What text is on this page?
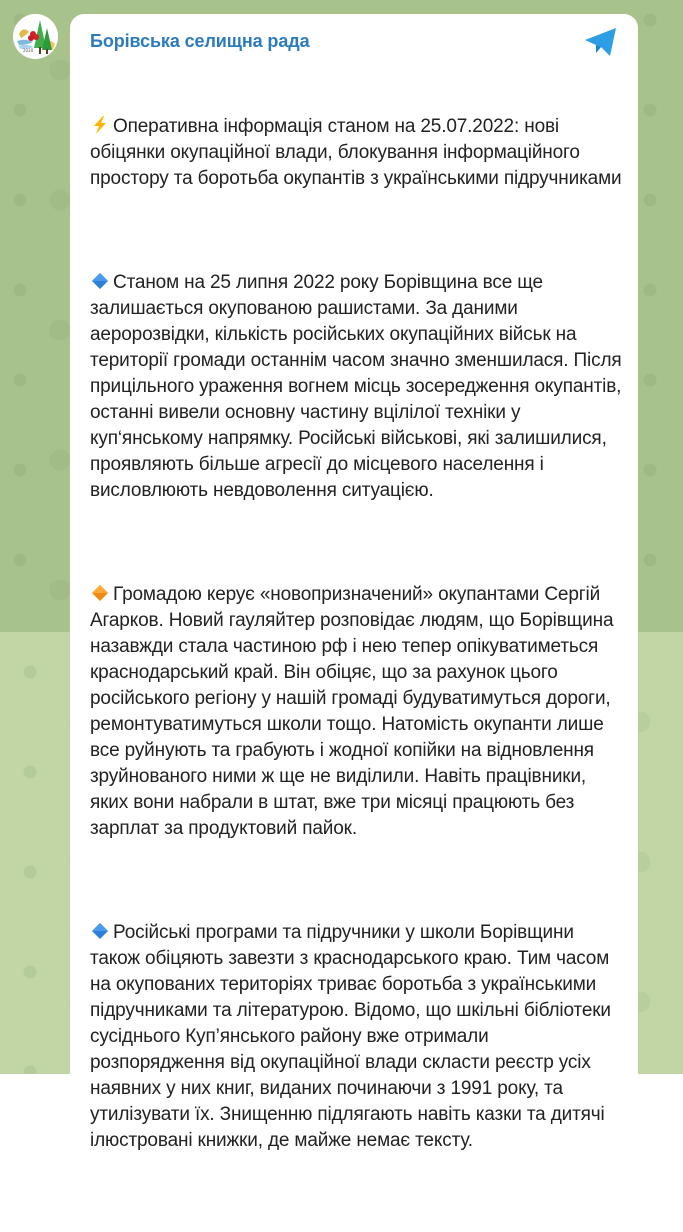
2020	Борівська селищна рада

Оперативна інформація станом на 25.07.2022: нові обіцянки окупаційної влади, блокування інформаційного простору та боротьба окупантів з українськими підручниками

Станом на 25 липня 2022 року Борівщина все ще залишається окупованою рашистами. За даними аеророзвідки, кількість російських окупаційних військ на території громади останнім часом значно зменшилася. Після прицільного ураження вогнем місць зосередження окупантів, останні вивели основну частину вцілілої техніки у куп‘янському напрямку. Російські військові, які залишилися, проявляють більше агресії до місцевого населення і висловлюють невдоволення ситуацією.

Громадою керує «новопризначений» окупантами Сергій Агарков. Новий гауляйтер розповідає людям, що Борівщина назавжди стала частиною рф і нею тепер опікуватиметься краснодарський край. Він обіцяє, що за рахунок цього російського регіону у нашій громаді будуватимуться дороги, ремонтуватимуться школи тощо. Натомість окупанти лише все руйнують та грабують і жодної копійки на відновлення зруйнованого ними ж ще не виділили. Навіть працівники, яких вони набрали в штат, вже три місяці працюють без зарплат за продуктовий пайок.

Російські програми та підручники у школи Борівщини також обіцяють завезти з краснодарського краю. Тим часом на окупованих територіях триває боротьба з українськими підручниками та літературою. Відомо, що шкільні бібліотеки сусіднього Куп’янського району вже отримали розпорядження від окупаційної влади скласти реєстр усіх наявних у них книг, виданих починаючи з 1991 року, та утилізувати їх. Знищенню підлягають навіть казки та дитячі ілюстровані книжки, де майже немає тексту.
